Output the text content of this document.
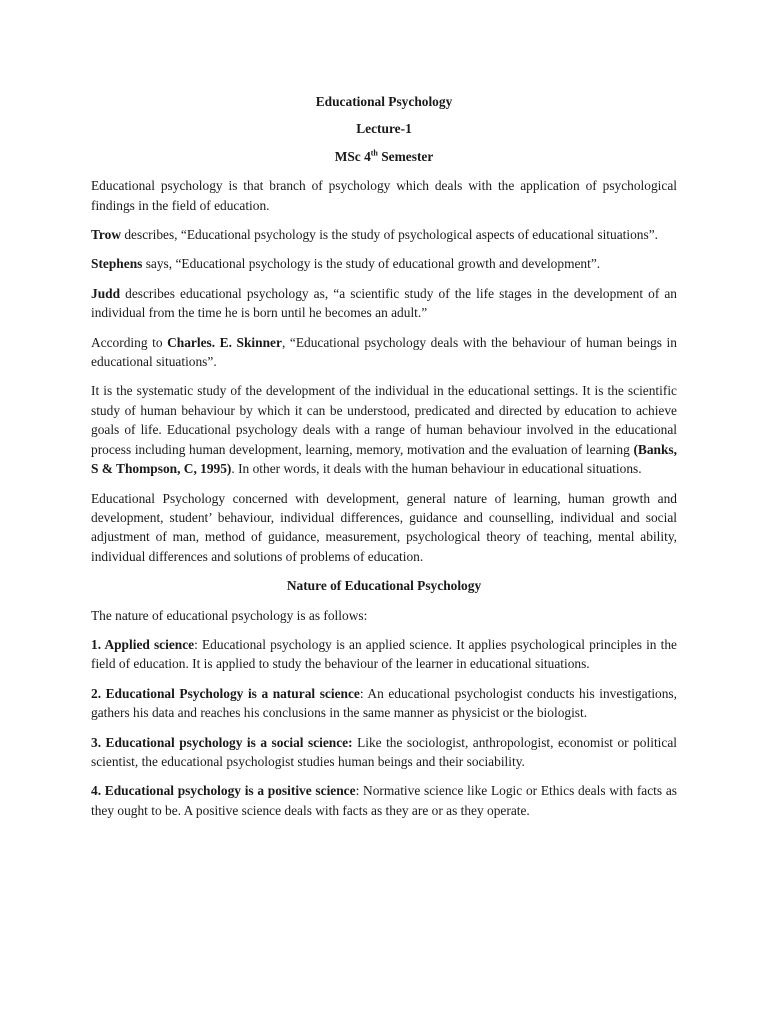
Educational Psychology
Lecture-1
MSc 4th Semester

Educational psychology is that branch of psychology which deals with the application of psychological findings in the field of education.

Trow describes, “Educational psychology is the study of psychological aspects of educational situations”.

Stephens says, “Educational psychology is the study of educational growth and development”.

Judd describes educational psychology as, “a scientific study of the life stages in the development of an individual from the time he is born until he becomes an adult.”

According to Charles. E. Skinner, “Educational psychology deals with the behaviour of human beings in educational situations”.

It is the systematic study of the development of the individual in the educational settings. It is the scientific study of human behaviour by which it can be understood, predicated and directed by education to achieve goals of life. Educational psychology deals with a range of human behaviour involved in the educational process including human development, learning, memory, motivation and the evaluation of learning (Banks, S & Thompson, C, 1995). In other words, it deals with the human behaviour in educational situations.

Educational Psychology concerned with development, general nature of learning, human growth and development, student’ behaviour, individual differences, guidance and counselling, individual and social adjustment of man, method of guidance, measurement, psychological theory of teaching, mental ability, individual differences and solutions of problems of education.

Nature of Educational Psychology

The nature of educational psychology is as follows:

1. Applied science: Educational psychology is an applied science. It applies psychological principles in the field of education. It is applied to study the behaviour of the learner in educational situations.

2. Educational Psychology is a natural science: An educational psychologist conducts his investigations, gathers his data and reaches his conclusions in the same manner as physicist or the biologist.

3. Educational psychology is a social science: Like the sociologist, anthropologist, economist or political scientist, the educational psychologist studies human beings and their sociability.

4. Educational psychology is a positive science: Normative science like Logic or Ethics deals with facts as they ought to be. A positive science deals with facts as they are or as they operate.
